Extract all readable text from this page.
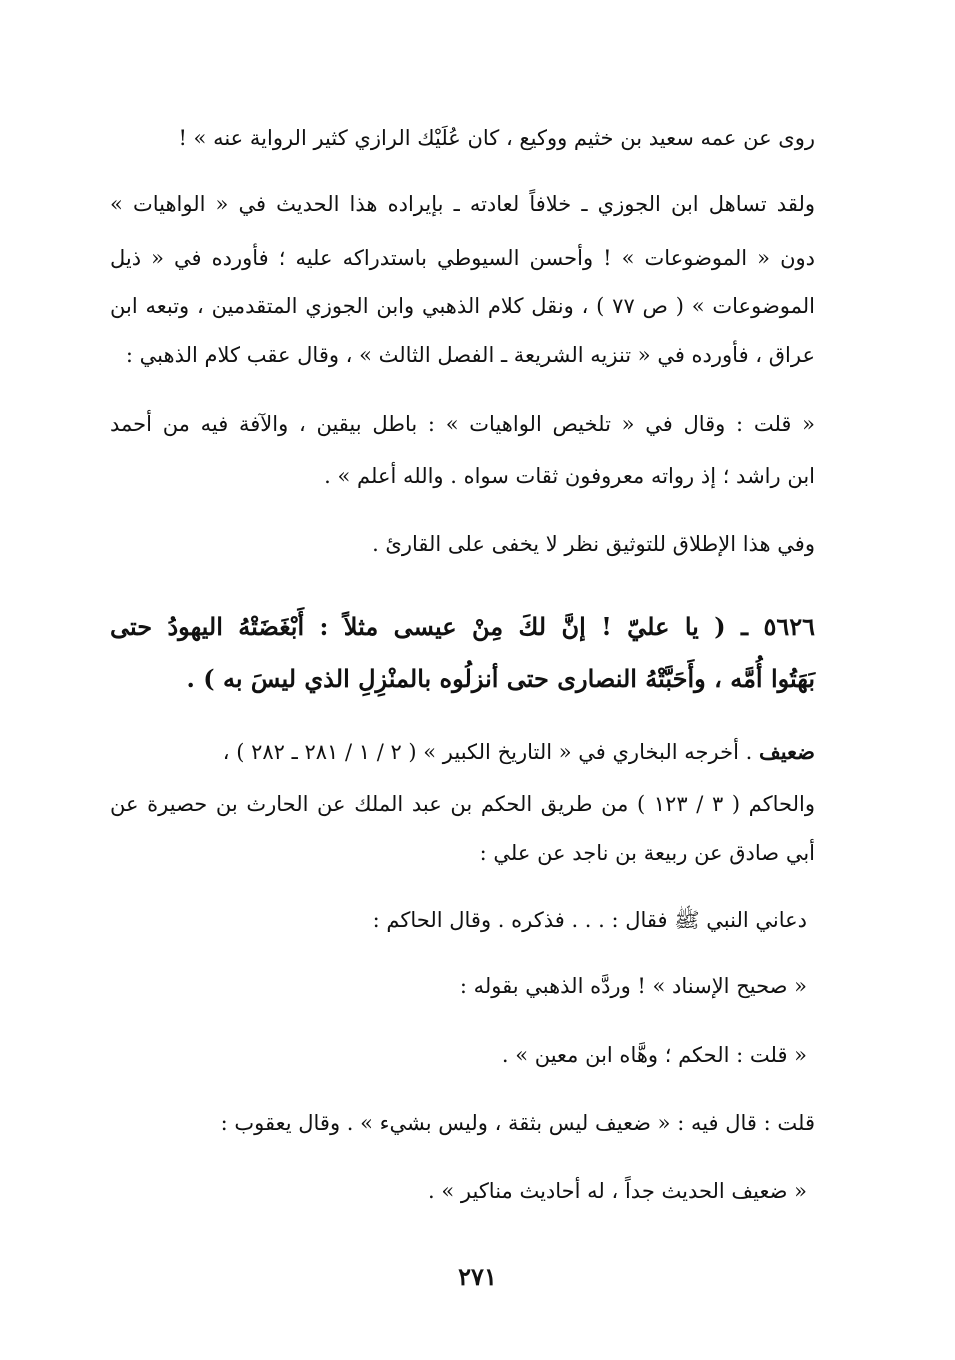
روى عن عمه سعيد بن خثيم ووكيع ، كان عُلَيْك الرازي كثير الرواية عنه » !
ولقد تساهل ابن الجوزي ـ خلافاً لعادته ـ بإيراده هذا الحديث في « الواهيات »
دون « الموضوعات » ! وأحسن السيوطي باستدراكه عليه ؛ فأورده في « ذيل
الموضوعات » ( ص ٧٧ ) ، ونقل كلام الذهبي وابن الجوزي المتقدمين ، وتبعه ابن
عراق ، فأورده في « تنزيه الشريعة ـ الفصل الثالث » ، وقال عقب كلام الذهبي :
« قلت : وقال في « تلخيص الواهيات » : باطل بيقين ، والآفة فيه من أحمد
ابن راشد ؛ إذ رواته معروفون ثقات سواه . والله أعلم » .
وفي هذا الإطلاق للتوثيق نظر لا يخفى على القارئ .
٥٦٢٦ ـ ( يا عليّ ! إنَّ لكَ مِنْ عيسى مثلاً : أَبْغَضَتْهُ اليهودُ حتى
بَهَتُوا أُمَّه ، وأَحَبَّتْهُ النصارى حتى أنزلُوه بالمنْزِلِ الذي ليسَ به ) .
ضعيف . أخرجه البخاري في « التاريخ الكبير » ( ٢ / ١ / ٢٨١ ـ ٢٨٢ ) ،
والحاكم ( ٣ / ١٢٣ ) من طريق الحكم بن عبد الملك عن الحارث بن حصيرة عن
أبي صادق عن ربيعة بن ناجد عن علي :
دعاني النبي ﷺ فقال : . . . فذكره . وقال الحاكم :
« صحيح الإسناد » ! وردَّه الذهبي بقوله :
« قلت : الحكم ؛ وهَّاه ابن معين » .
قلت : قال فيه : « ضعيف ليس بثقة ، وليس بشيء » . وقال يعقوب :
« ضعيف الحديث جداً ، له أحاديث مناكير » .
٢٧١
